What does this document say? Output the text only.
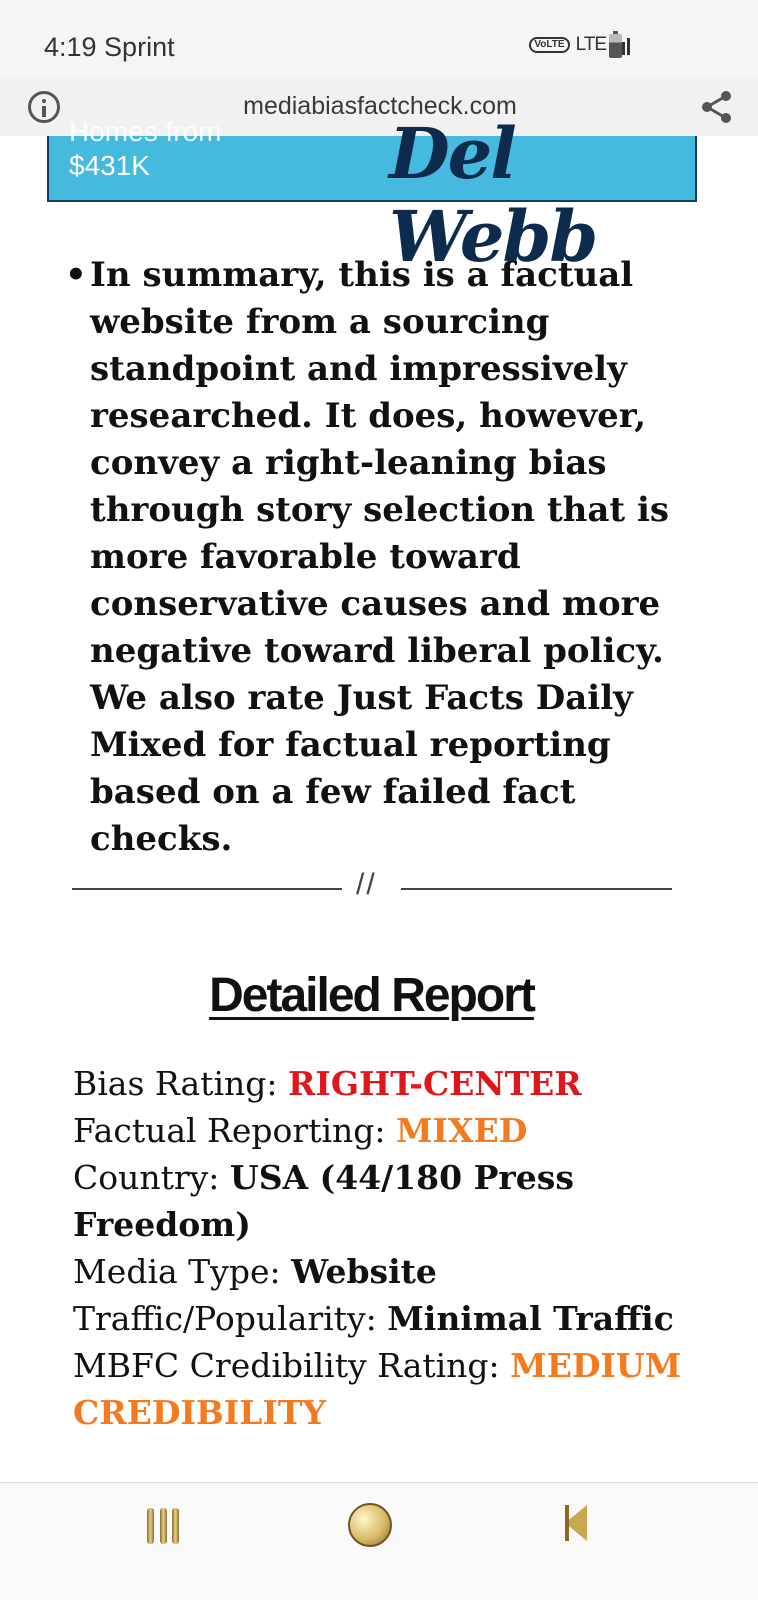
4:19 Sprint	VoLTE LTE
mediabiasfactcheck.com
Homes from
$431K	Del Webb
• In summary, this is a factual website from a sourcing standpoint and impressively researched. It does, however, convey a right-leaning bias through story selection that is more favorable toward conservative causes and more negative toward liberal policy. We also rate Just Facts Daily Mixed for factual reporting based on a few failed fact checks.

//
Detailed Report
Bias Rating: RIGHT-CENTER
Factual Reporting: MIXED
Country: USA (44/180 Press Freedom)
Media Type: Website
Traffic/Popularity: Minimal Traffic
MBFC Credibility Rating: MEDIUM CREDIBILITY
